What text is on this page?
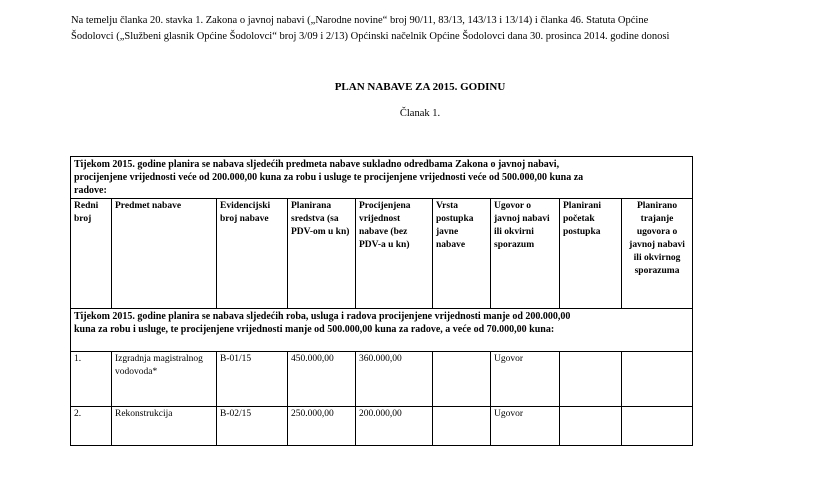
Na temelju članka 20. stavka 1. Zakona o javnoj nabavi („Narodne novine“ broj 90/11, 83/13, 143/13 i 13/14) i članka 46. Statuta Općine
Šodolovci („Službeni glasnik Općine Šodolovci“ broj 3/09 i 2/13) Općinski načelnik Općine Šodolovci dana 30. prosinca 2014. godine donosi
PLAN NABAVE ZA 2015. GODINU
Članak 1.
Tijekom 2015. godine planira se nabava sljedećih predmeta nabave sukladno odredbama Zakona o javnoj nabavi,
procijenjene vrijednosti veće od 200.000,00 kuna za robu i usluge te procijenjene vrijednosti veće od 500.000,00 kuna za
radove:								

Redni broj	Predmet nabave	Evidencijski broj nabave	Planirana sredstva (sa PDV-om u kn)	Procijenjena vrijednost nabave (bez PDV-a u kn)	Vrsta postupka javne nabave	Ugovor o javnoj nabavi ili okvirni sporazum	Planirani početak postupka	Planirano trajanje ugovora o javnoj nabavi ili okvirnog sporazuma

Tijekom 2015. godine planira se nabava sljedećih roba, usluga i radova procijenjene vrijednosti manje od 200.000,00
kuna za robu i usluge, te procijenjene vrijednosti manje od 500.000,00 kuna za radove, a veće od 70.000,00 kuna:								

1.	Izgradnja magistralnog vodovoda*	B-01/15	450.000,00	360.000,00		Ugovor		
2.	Rekonstrukcija	B-02/15	250.000,00	200.000,00		Ugovor		
